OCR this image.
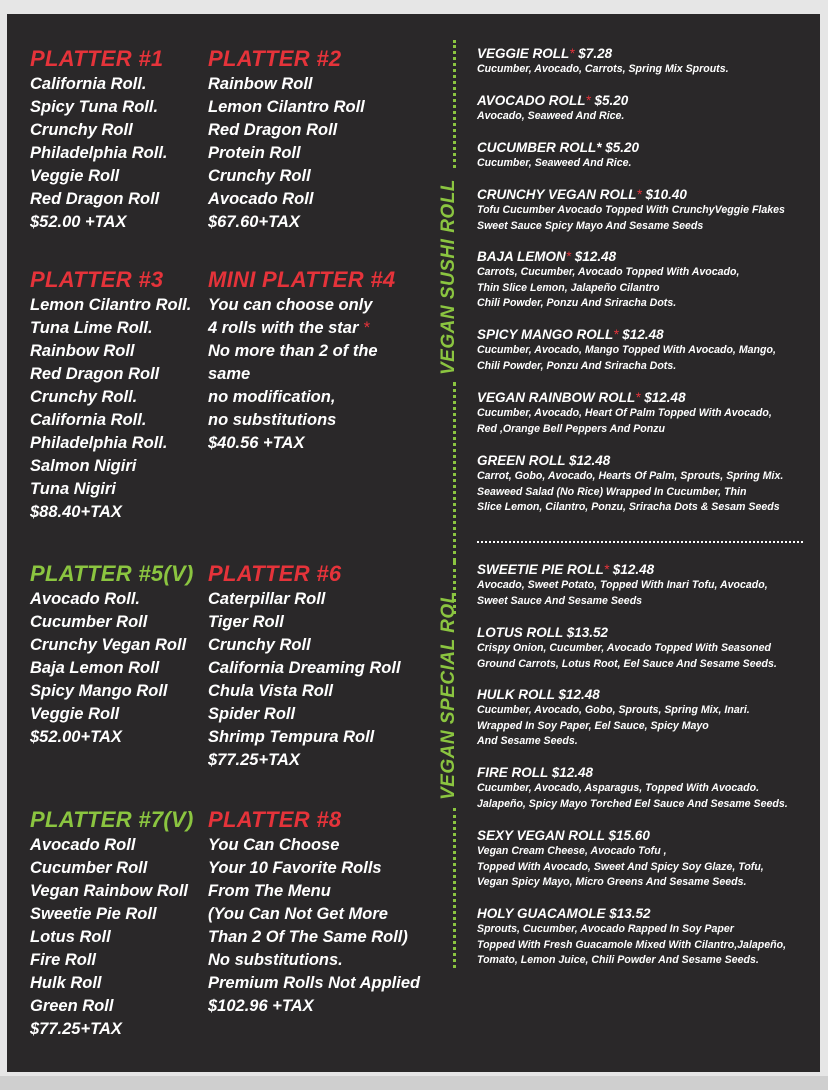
PLATTER #1
California Roll.
Spicy Tuna Roll.
Crunchy Roll
Philadelphia Roll.
Veggie Roll
Red Dragon Roll
$52.00 +TAX
PLATTER #2
Rainbow Roll
Lemon Cilantro Roll
Red Dragon Roll
Protein Roll
Crunchy Roll
Avocado Roll
$67.60+TAX
PLATTER #3
Lemon Cilantro Roll.
Tuna Lime Roll.
Rainbow Roll
Red Dragon Roll
Crunchy Roll.
California Roll.
Philadelphia Roll.
Salmon Nigiri
Tuna Nigiri
$88.40+TAX
MINI PLATTER #4
You can choose only
4 rolls with the star *
No more than 2 of the
same
no modification,
no substitutions
$40.56 +TAX
PLATTER #5(V)
Avocado Roll.
Cucumber Roll
Crunchy Vegan Roll
Baja Lemon Roll
Spicy Mango Roll
Veggie Roll
$52.00+TAX
PLATTER #6
Caterpillar Roll
Tiger Roll
Crunchy Roll
California Dreaming Roll
Chula Vista Roll
Spider Roll
Shrimp Tempura Roll
$77.25+TAX
PLATTER #7(V)
Avocado Roll
Cucumber Roll
Vegan Rainbow Roll
Sweetie Pie Roll
Lotus Roll
Fire Roll
Hulk Roll
Green Roll
$77.25+TAX
PLATTER #8
You Can Choose
Your 10 Favorite Rolls
From The Menu
(You Can Not Get More
Than 2 Of The Same Roll)
No substitutions.
Premium Rolls Not Applied
$102.96 +TAX
VEGAN SUSHI ROLL
VEGAN SPECIAL ROL
VEGGIE ROLL* $7.28
Cucumber, Avocado, Carrots, Spring Mix Sprouts.
AVOCADO ROLL* $5.20
Avocado, Seaweed And Rice.
CUCUMBER ROLL* $5.20
Cucumber, Seaweed And Rice.
CRUNCHY VEGAN ROLL* $10.40
Tofu Cucumber Avocado Topped With CrunchyVeggie Flakes
Sweet Sauce Spicy Mayo And Sesame Seeds
BAJA LEMON* $12.48
Carrots, Cucumber, Avocado Topped With Avocado,
Thin Slice Lemon, Jalapeño Cilantro
Chili Powder, Ponzu And Sriracha Dots.
SPICY MANGO ROLL* $12.48
Cucumber, Avocado, Mango Topped With Avocado, Mango,
Chili Powder, Ponzu And Sriracha Dots.
VEGAN RAINBOW ROLL* $12.48
Cucumber, Avocado, Heart Of Palm Topped With Avocado,
Red ,Orange Bell Peppers And Ponzu
GREEN ROLL $12.48
Carrot, Gobo, Avocado, Hearts Of Palm, Sprouts, Spring Mix.
Seaweed Salad (No Rice) Wrapped In Cucumber, Thin
Slice Lemon, Cilantro, Ponzu, Sriracha Dots & Sesam Seeds
SWEETIE PIE ROLL* $12.48
Avocado, Sweet Potato, Topped With Inari Tofu, Avocado,
Sweet Sauce And Sesame Seeds
LOTUS ROLL $13.52
Crispy Onion, Cucumber, Avocado Topped With Seasoned
Ground Carrots, Lotus Root, Eel Sauce And Sesame Seeds.
HULK ROLL $12.48
Cucumber, Avocado, Gobo, Sprouts, Spring Mix, Inari.
Wrapped In Soy Paper, Eel Sauce, Spicy Mayo
And Sesame Seeds.
FIRE ROLL $12.48
Cucumber, Avocado, Asparagus, Topped With Avocado.
Jalapeño, Spicy Mayo Torched Eel Sauce And Sesame Seeds.
SEXY VEGAN ROLL $15.60
Vegan Cream Cheese, Avocado Tofu ,
Topped With Avocado, Sweet And Spicy Soy Glaze, Tofu,
Vegan Spicy Mayo, Micro Greens And Sesame Seeds.
HOLY GUACAMOLE $13.52
Sprouts, Cucumber, Avocado Rapped In Soy Paper
Topped With Fresh Guacamole Mixed With Cilantro,Jalapeño,
Tomato, Lemon Juice, Chili Powder And Sesame Seeds.
